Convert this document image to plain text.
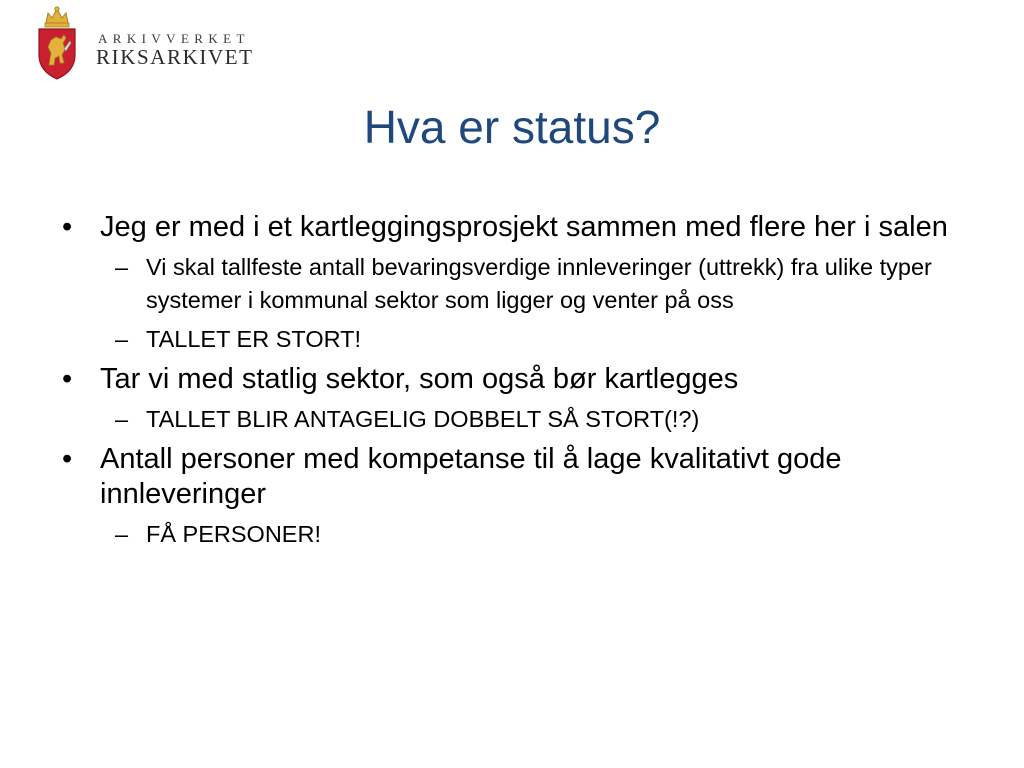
ARKIVVERKET
RIKSARKIVET
Hva er status?
• Jeg er med i et kartleggingsprosjekt sammen med flere her i salen
– Vi skal tallfeste antall bevaringsverdige innleveringer (uttrekk) fra ulike typer systemer i kommunal sektor som ligger og venter på oss
– TALLET ER STORT!
• Tar vi med statlig sektor, som også bør kartlegges
– TALLET BLIR ANTAGELIG DOBBELT SÅ STORT(!?)
• Antall personer med kompetanse til å lage kvalitativt gode innleveringer
– FÅ PERSONER!
